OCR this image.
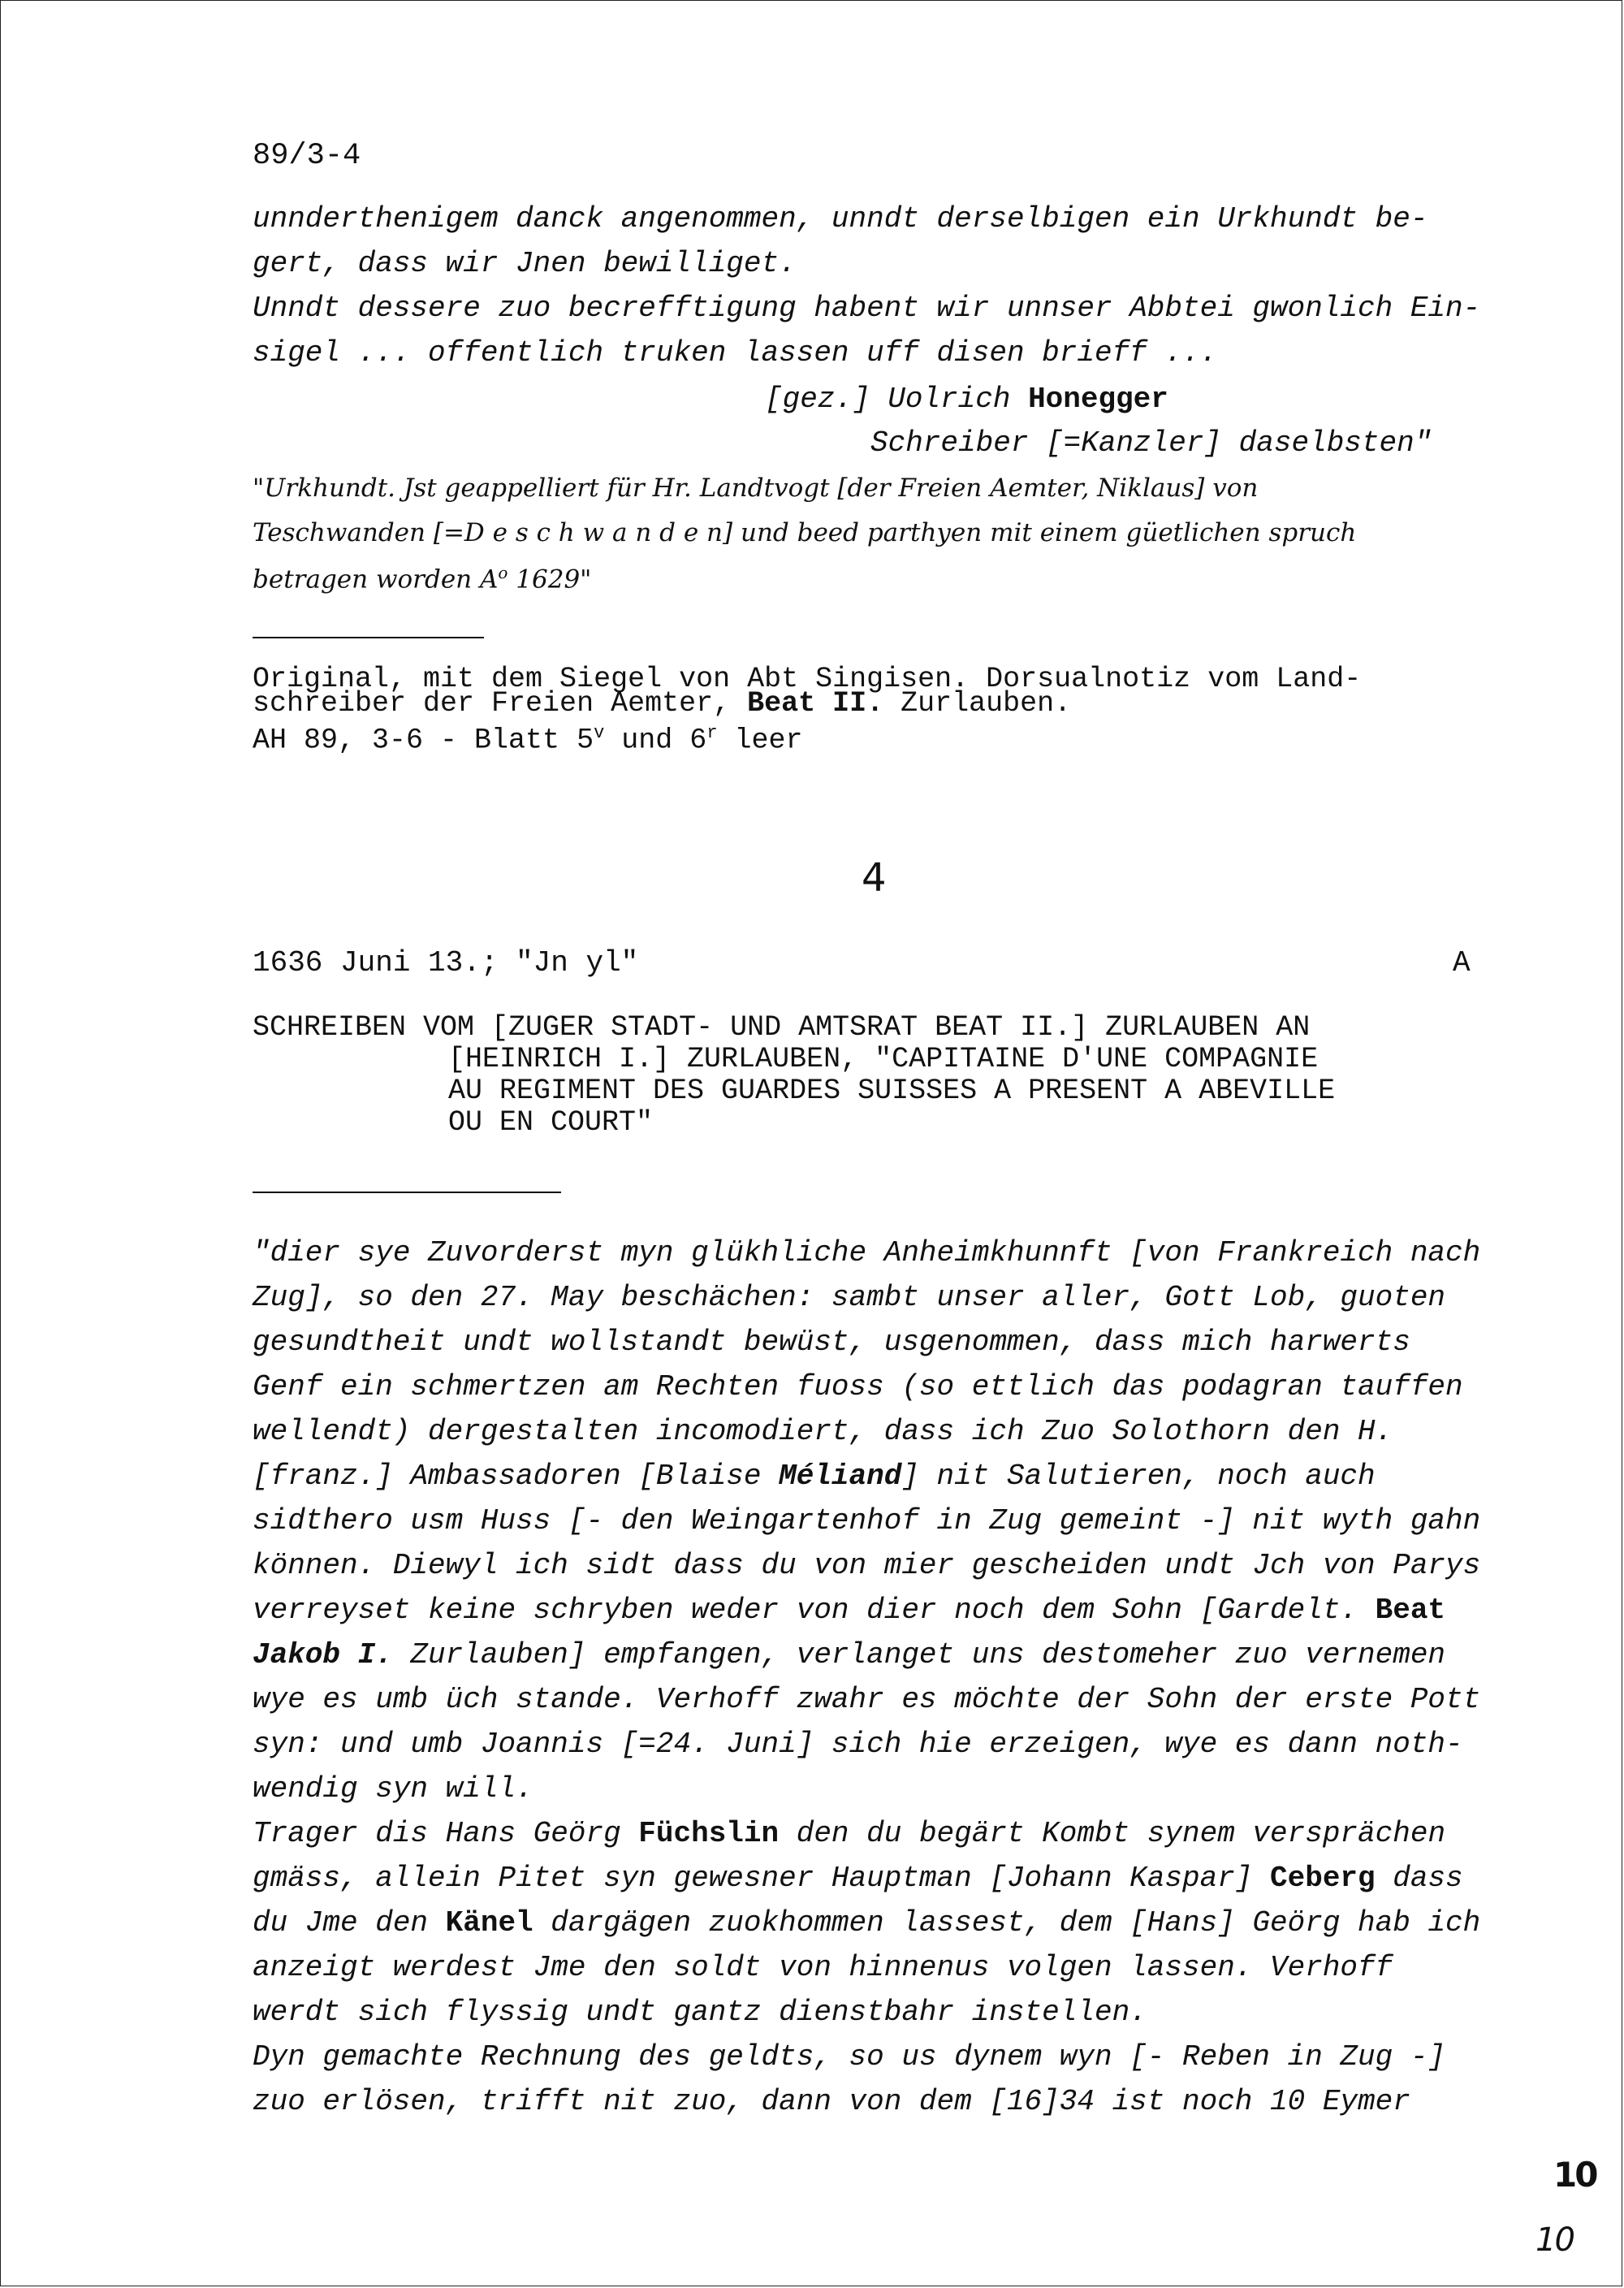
89/3-4
unnderthenigem danck angenommen, unndt derselbigen ein Urkhundt be-
gert, dass wir Jnen bewilliget.
Unndt dessere zuo becrefftigung habent wir unnser Abbtei gwonlich Ein-
sigel ... offentlich truken lassen uff disen brieff ...
[gez.] Uolrich Honegger
Schreiber [=Kanzler] daselbsten"
"Urkhundt. Jst geappelliert für Hr. Landtvogt [der Freien Aemter, Niklaus] von
Teschwanden [=D e s c h w a n d e n] und beed parthyen mit einem güetlichen spruch
betragen worden $A^o$ 1629"
Original, mit dem Siegel von Abt Singisen. Dorsualnotiz vom Land-
schreiber der Freien Aemter, Beat II. Zurlauben.
AH 89, 3-6 - Blatt 5$^v$ und 6$^r$ leer
4
1636 Juni 13.; "Jn yl"	A
SCHREIBEN VOM [ZUGER STADT- UND AMTSRAT BEAT II.] ZURLAUBEN AN
[HEINRICH I.] ZURLAUBEN, "CAPITAINE D'UNE COMPAGNIE
AU REGIMENT DES GUARDES SUISSES A PRESENT A ABEVILLE
OU EN COURT"
"dier sye Zuvorderst myn glükhliche Anheimkhunnft [von Frankreich nach
Zug], so den 27. May beschächen: sambt unser aller, Gott Lob, guoten
gesundtheit undt wollstandt bewüst, usgenommen, dass mich harwerts
Genf ein schmertzen am Rechten fuoss (so ettlich das podagran tauffen
wellendt) dergestalten incomodiert, dass ich Zuo Solothorn den H.
[franz.] Ambassadoren [Blaise Méliand] nit Salutieren, noch auch
sidthero usm Huss [- den Weingartenhof in Zug gemeint -] nit wyth gahn
können. Diewyl ich sidt dass du von mier gescheiden undt Jch von Parys
verreyset keine schryben weder von dier noch dem Sohn [Gardelt. Beat
Jakob I. Zurlauben] empfangen, verlanget uns destomeher zuo vernemen
wye es umb üch stande. Verhoff zwahr es möchte der Sohn der erste Pott
syn: und umb Joannis [=24. Juni] sich hie erzeigen, wye es dann noth-
wendig syn will.
Trager dis Hans Geörg Füchslin den du begärt Kombt synem versprächen
gmäss, allein Pitet syn gewesner Hauptman [Johann Kaspar] Ceberg dass
du Jme den Känel dargägen zuokhommen lassest, dem [Hans] Geörg hab ich
anzeigt werdest Jme den soldt von hinnenus volgen lassen. Verhoff
werdt sich flyssig undt gantz dienstbahr instellen.
Dyn gemachte Rechnung des geldts, so us dynem wyn [- Reben in Zug -]
zuo erlösen, trifft nit zuo, dann von dem [16]34 ist noch 10 Eymer
10
10
